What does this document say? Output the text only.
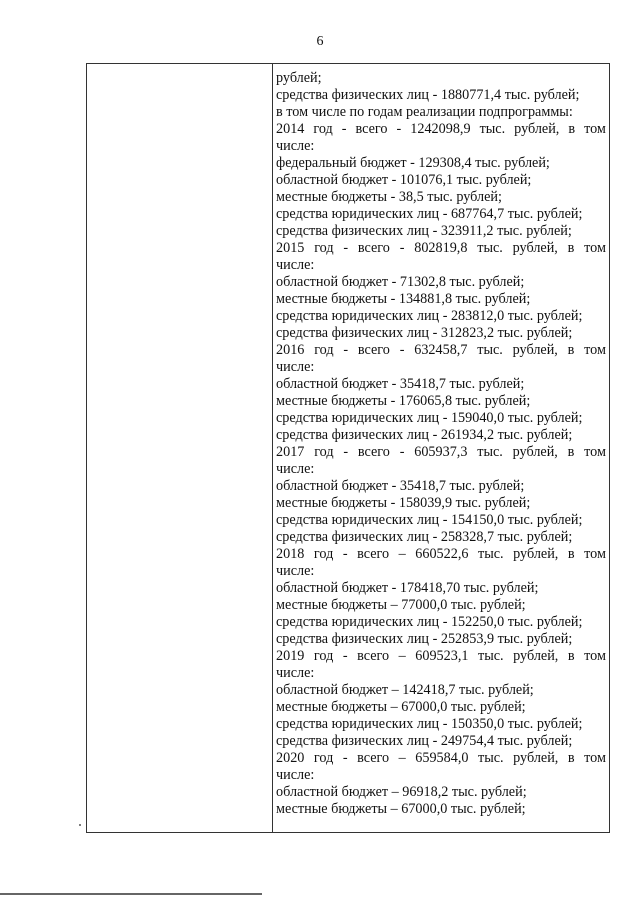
6
рублей;
средства физических лиц - 1880771,4 тыс. рублей;
в том числе по годам реализации подпрограммы:
2014 год - всего - 1242098,9 тыс. рублей, в том
числе:
федеральный бюджет - 129308,4 тыс. рублей;
областной бюджет - 101076,1 тыс. рублей;
местные бюджеты - 38,5 тыс. рублей;
средства юридических лиц - 687764,7 тыс. рублей;
средства физических лиц - 323911,2 тыс. рублей;
2015 год - всего - 802819,8 тыс. рублей, в том
числе:
областной бюджет - 71302,8 тыс. рублей;
местные бюджеты - 134881,8 тыс. рублей;
средства юридических лиц - 283812,0 тыс. рублей;
средства физических лиц - 312823,2 тыс. рублей;
2016 год - всего - 632458,7 тыс. рублей, в том
числе:
областной бюджет - 35418,7 тыс. рублей;
местные бюджеты - 176065,8 тыс. рублей;
средства юридических лиц - 159040,0 тыс. рублей;
средства физических лиц - 261934,2 тыс. рублей;
2017 год - всего - 605937,3 тыс. рублей, в том
числе:
областной бюджет - 35418,7 тыс. рублей;
местные бюджеты - 158039,9 тыс. рублей;
средства юридических лиц - 154150,0 тыс. рублей;
средства физических лиц - 258328,7 тыс. рублей;
2018 год - всего – 660522,6 тыс. рублей, в том
числе:
областной бюджет - 178418,70 тыс. рублей;
местные бюджеты – 77000,0 тыс. рублей;
средства юридических лиц - 152250,0 тыс. рублей;
средства физических лиц - 252853,9 тыс. рублей;
2019 год - всего – 609523,1 тыс. рублей, в том
числе:
областной бюджет – 142418,7 тыс. рублей;
местные бюджеты – 67000,0 тыс. рублей;
средства юридических лиц - 150350,0 тыс. рублей;
средства физических лиц - 249754,4 тыс. рублей;
2020 год - всего – 659584,0 тыс. рублей, в том
числе:
областной бюджет – 96918,2 тыс. рублей;
местные бюджеты – 67000,0 тыс. рублей;
